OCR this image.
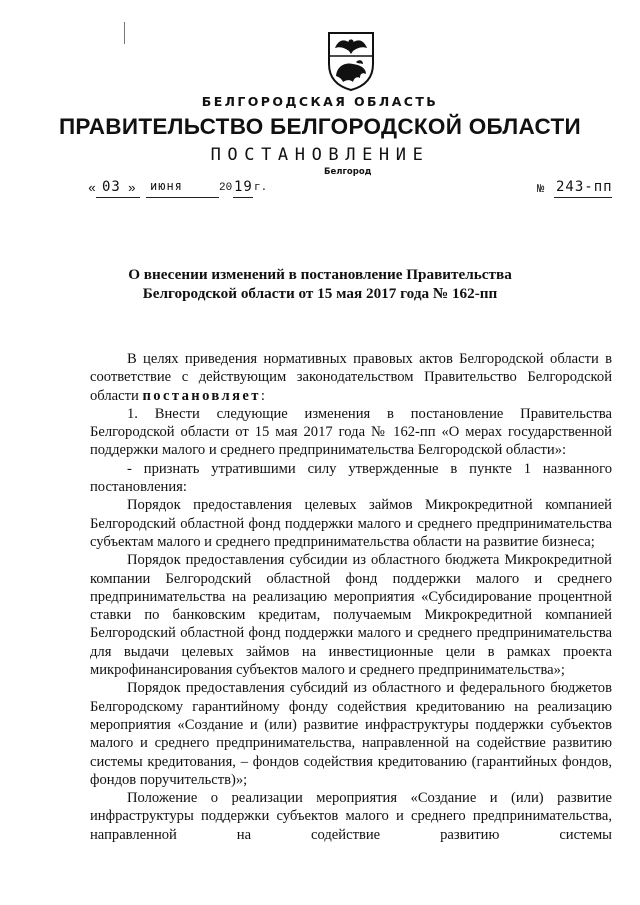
БЕЛГОРОДСКАЯ ОБЛАСТЬ
ПРАВИТЕЛЬСТВО БЕЛГОРОДСКОЙ ОБЛАСТИ
ПОСТАНОВЛЕНИЕ
Белгород
« 03 » июня	20 19 г.	№ 243-пп
О внесении изменений в постановление Правительства
Белгородской области от 15 мая 2017 года № 162-пп

В целях приведения нормативных правовых актов Белгородской области в соответствие с действующим законодательством Правительство Белгородской области постановляет:

1. Внести следующие изменения в постановление Правительства Белгородской области от 15 мая 2017 года № 162-пп «О мерах государственной поддержки малого и среднего предпринимательства Белгородской области»:

- признать утратившими силу утвержденные в пункте 1 названного постановления:

Порядок предоставления целевых займов Микрокредитной компанией Белгородский областной фонд поддержки малого и среднего предпринимательства субъектам малого и среднего предпринимательства области на развитие бизнеса;

Порядок предоставления субсидии из областного бюджета Микрокредитной компании Белгородский областной фонд поддержки малого и среднего предпринимательства на реализацию мероприятия «Субсидирование процентной ставки по банковским кредитам, получаемым Микрокредитной компанией Белгородский областной фонд поддержки малого и среднего предпринимательства для выдачи целевых займов на инвестиционные цели в рамках проекта микрофинансирования субъектов малого и среднего предпринимательства»;

Порядок предоставления субсидий из областного и федерального бюджетов Белгородскому гарантийному фонду содействия кредитованию на реализацию мероприятия «Создание и (или) развитие инфраструктуры поддержки субъектов малого и среднего предпринимательства, направленной на содействие развитию системы кредитования, – фондов содействия кредитованию (гарантийных фондов, фондов поручительств)»;

Положение о реализации мероприятия «Создание и (или) развитие инфраструктуры поддержки субъектов малого и среднего предпринимательства, направленной на содействие развитию системы
